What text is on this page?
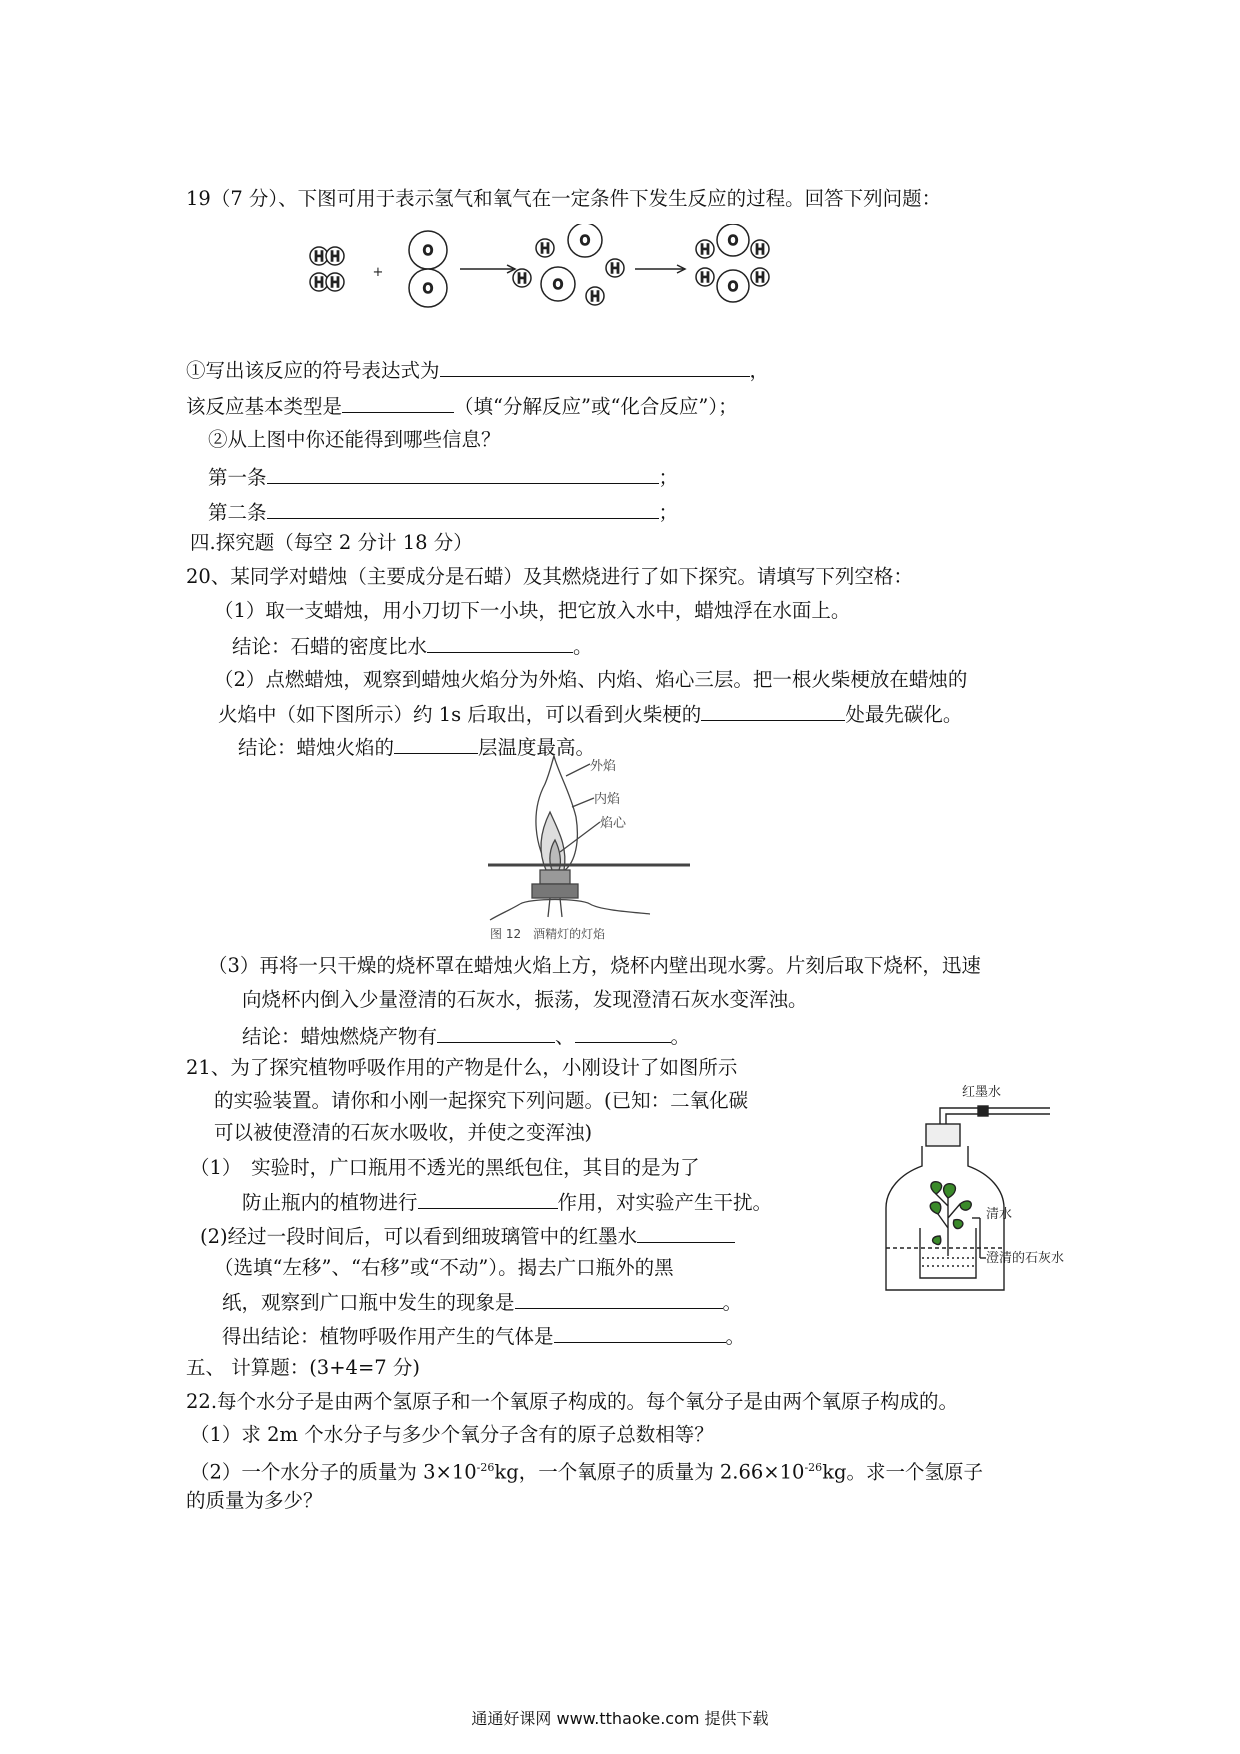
19（7 分）、下图可用于表示氢气和氧气在一定条件下发生反应的过程。回答下列问题：
H H
H H
+
O
O
H
O
H O
H
H
O
H	H
O
H	H
①写出该反应的符号表达式为	，
该反应基本类型是	（填“分解反应”或“化合反应”）；
②从上图中你还能得到哪些信息？
第一条	；
第二条	；
四.探究题（每空 2 分计 18 分）
20、某同学对蜡烛（主要成分是石蜡）及其燃烧进行了如下探究。请填写下列空格：
（1）取一支蜡烛，用小刀切下一小块，把它放入水中，蜡烛浮在水面上。
结论：石蜡的密度比水	。
（2）点燃蜡烛，观察到蜡烛火焰分为外焰、内焰、焰心三层。把一根火柴梗放在蜡烛的
火焰中（如下图所示）约 1s 后取出，可以看到火柴梗的	处最先碳化。
结论：蜡烛火焰的	层温度最高。
外焰
内焰
焰心
图 12　酒精灯的灯焰
（3）再将一只干燥的烧杯罩在蜡烛火焰上方，烧杯内壁出现水雾。片刻后取下烧杯，迅速
向烧杯内倒入少量澄清的石灰水，振荡，发现澄清石灰水变浑浊。
结论：蜡烛燃烧产物有	、	。
21、为了探究植物呼吸作用的产物是什么，小刚设计了如图所示
的实验装置。请你和小刚一起探究下列问题。(已知：二氧化碳
可以被使澄清的石灰水吸收，并使之变浑浊)
（1）　实验时，广口瓶用不透光的黑纸包住，其目的是为了
防止瓶内的植物进行	作用，对实验产生干扰。
(2)经过一段时间后，可以看到细玻璃管中的红墨水
（选填“左移”、“右移”或“不动”）。揭去广口瓶外的黑
纸，观察到广口瓶中发生的现象是	。
得出结论：植物呼吸作用产生的气体是	。
红墨水
清水
澄清的石灰水
五、 计算题：(3+4=7 分)
22.每个水分子是由两个氢原子和一个氧原子构成的。每个氧分子是由两个氧原子构成的。
（1）求 2m 个水分子与多少个氧分子含有的原子总数相等？
（2）一个水分子的质量为 $3\times 10^{-26}kg$，一个氧原子的质量为 $2.66\times 10^{-26}kg$。求一个氢原子
的质量为多少？
通通好课网 www.tthaoke.com 提供下载
